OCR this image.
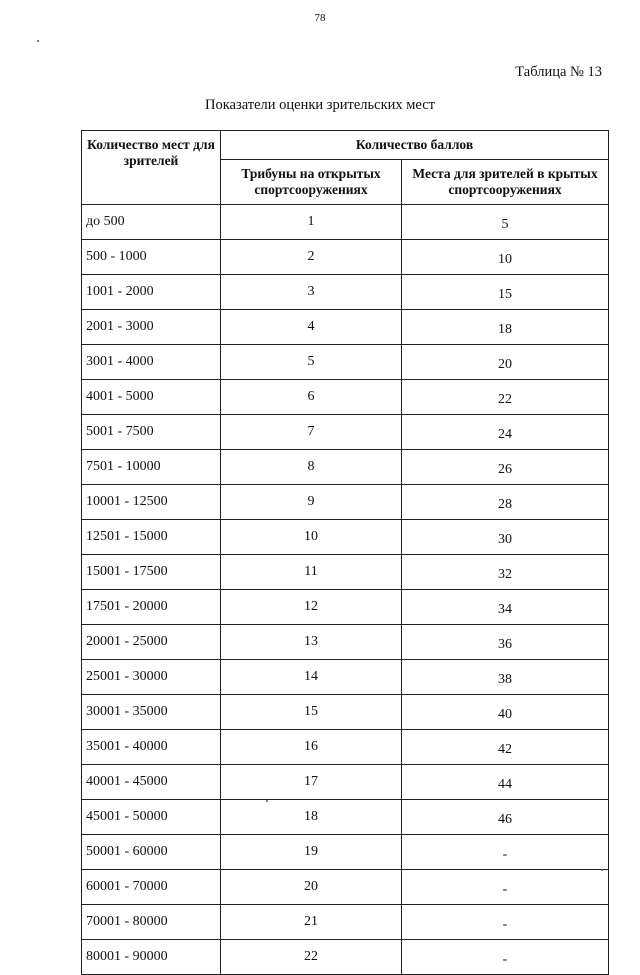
78
Таблица № 13
Показатели оценки зрительских мест
Количество мест для зрителей	Количество баллов	
	Трибуны на открытых спортсооружениях	Места для зрителей в крытых спортсооружениях
до 500	1	5
500 - 1000	2	10
1001 - 2000	3	15
2001 - 3000	4	18
3001 - 4000	5	20
4001 - 5000	6	22
5001 - 7500	7	24
7501 - 10000	8	26
10001 - 12500	9	28
12501 - 15000	10	30
15001 - 17500	11	32
17501 - 20000	12	34
20001 - 25000	13	36
25001 - 30000	14	38
30001 - 35000	15	40
35001 - 40000	16	42
40001 - 45000	17	44
45001 - 50000	18	46
50001 - 60000	19	-
60001 - 70000	20	-
70001 - 80000	21	-
80001 - 90000	22	-
